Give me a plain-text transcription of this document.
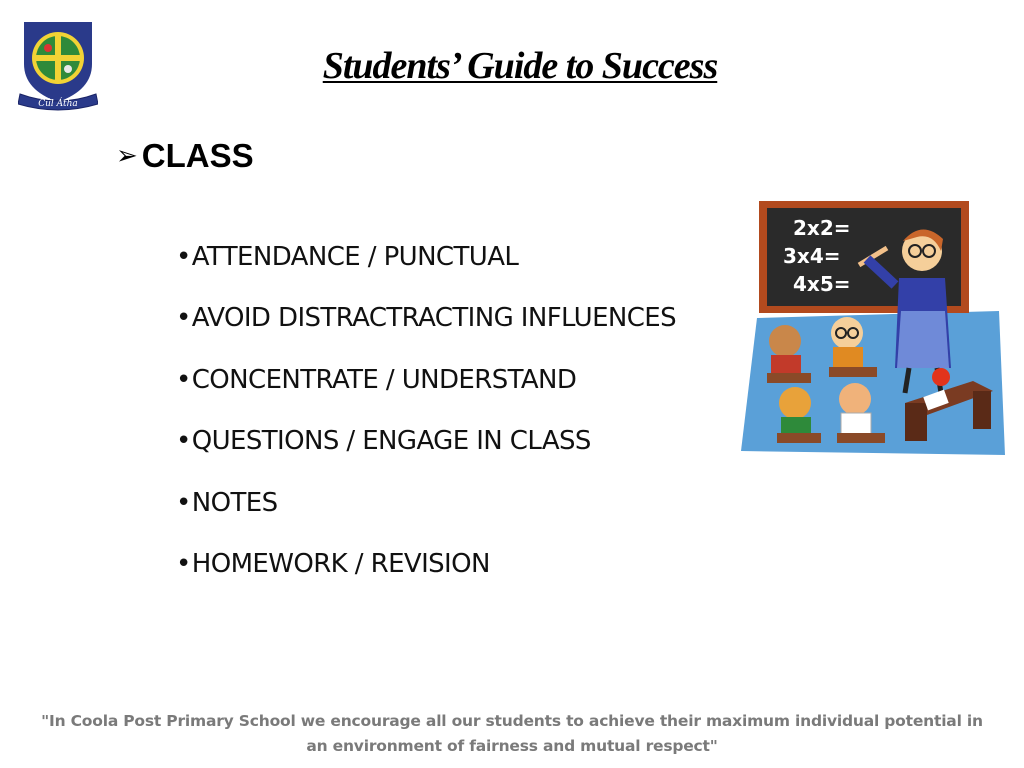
Cúl Átha
Students’ Guide to Success
➢ CLASS
•ATTENDANCE / PUNCTUAL
•AVOID DISTRACTRACTING INFLUENCES
•CONCENTRATE / UNDERSTAND
•QUESTIONS / ENGAGE IN CLASS
•NOTES
•HOMEWORK / REVISION
2x2=
3x4=
4x5=
"In Coola Post Primary School we encourage all our students to achieve their maximum individual potential in an environment of fairness and mutual respect"
